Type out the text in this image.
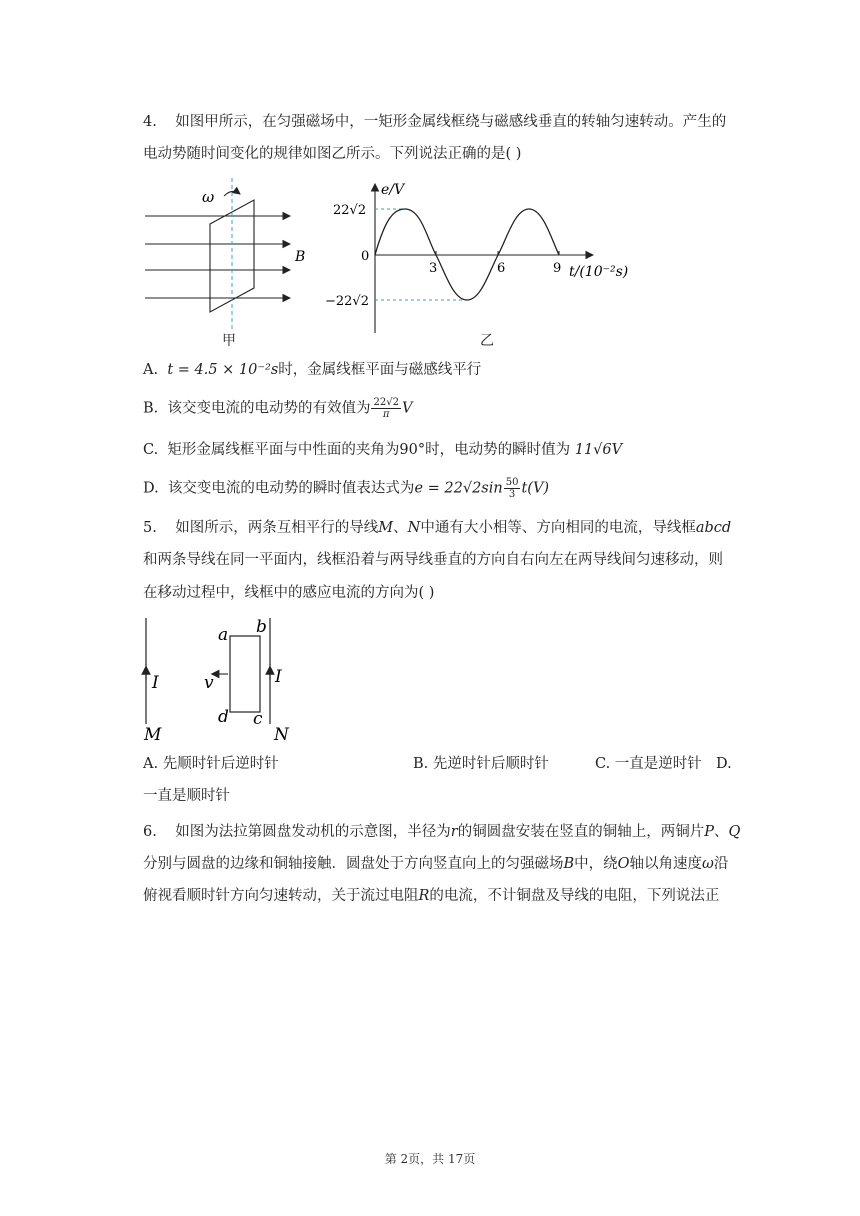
4. 如图甲所示，在匀强磁场中，一矩形金属线框绕与磁感线垂直的转轴匀速转动。产生的
电动势随时间变化的规律如图乙所示。下列说法正确的是( )
ω
B
甲
e/V
22√2
0
−22√2
3	6	9 t/(10⁻²s)
乙
A. t = 4.5 × 10⁻²s时，金属线框平面与磁感线平行
B. 该交变电流的电动势的有效值为 $\frac{22√2}{\pi}$ V
C. 矩形金属线框平面与中性面的夹角为90°时，电动势的瞬时值为 11√6V
D. 该交变电流的电动势的瞬时值表达式为$e = 22√2\sin \frac{50}{3} t(V)$
5. 如图所示，两条互相平行的导线M、N中通有大小相等、方向相同的电流，导线框abcd
和两条导线在同一平面内，线框沿着与两导线垂直的方向自右向左在两导线间匀速移动，则
在移动过程中，线框中的感应电流的方向为( )
a b
c
d
v
I	I
M	N
A. 先顺时针后逆时针	B. 先逆时针后顺时针	C. 一直是逆时针 D.
一直是顺时针
6. 如图为法拉第圆盘发动机的示意图，半径为r的铜圆盘安装在竖直的铜轴上，两铜片P、Q
分别与圆盘的边缘和铜轴接触．圆盘处于方向竖直向上的匀强磁场B中，绕O轴以角速度ω沿
俯视看顺时针方向匀速转动，关于流过电阻R的电流，不计铜盘及导线的电阻，下列说法正
第 2页，共 17页
